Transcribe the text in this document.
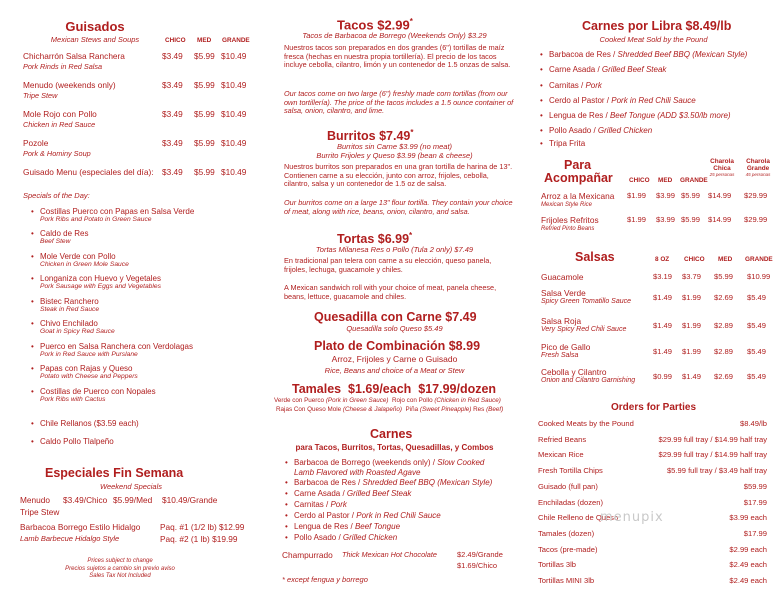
Guisados
Mexican Stews and Soups	CHICO MED GRANDE
Chicharrón Salsa Ranchera	$3.49 $5.99 $10.49
Pork Rinds in Red Salsa
Menudo (weekends only)	$3.49 $5.99 $10.49
Tripe Stew
Mole Rojo con Pollo	$3.49 $5.99 $10.49
Chicken in Red Sauce
Pozole	$3.49 $5.99 $10.49
Pork & Hominy Soup
Guisado Menu (especiales del día): $3.49 $5.99 $10.49
Specials of the Day:
• Costillas Puerco con Papas en Salsa Verde
Pork Ribs and Potato in Green Sauce
• Caldo de Res
Beef Stew
• Mole Verde con Pollo
Chicken in Green Mole Sauce
• Longaniza con Huevo y Vegetales
Pork Sausage with Eggs and Vegetables
• Bistec Ranchero
Steak in Red Sauce
• Chivo Enchilado
Goat in Spicy Red Sauce
• Puerco en Salsa Ranchera con Verdolagas
Pork in Red Sauce with Purslane
• Papas con Rajas y Queso
Potato with Cheese and Peppers
• Costillas de Puerco con Nopales
Pork Ribs with Cactus
• Chile Rellanos ($3.59 each)
• Caldo Pollo Tlalpeño
Especiales Fin Semana
Weekend Specials
Menudo $3.49/Chico $5.99/Med $10.49/Grande
Tripe Stew
Barbacoa Borrego Estilo Hidalgo Paq. #1 (1/2 lb) $12.99
Lamb Barbecue Hidalgo Style	Paq. #2 (1 lb) $19.99
Prices subject to change
Precios sujetos a cambio sin previo aviso
Sales Tax Not Included
Tacos $2.99*
Tacos de Barbacoa de Borrego (Weekends Only) $3.29
Nuestros tacos son preparados en dos grandes (6") tortillas de maíz fresca (hechas en nuestra propia tortillería). El precio de los tacos incluye cebolla, cilantro, limón y un contenedor de 1.5 onzas de salsa.
Our tacos come on two large (6") freshly made corn tortillas (from our own tortillería). The price of the tacos includes a 1.5 ounce container of salsa, onion, cilantro, and lime.
Burritos $7.49*
Burritos sin Carne $3.99 (no meat)
Burrito Frijoles y Queso $3.99 (bean & cheese)
Nuestros burritos son preparados en una gran tortilla de harina de 13". Contienen carne a su elección, junto con arroz, frijoles, cebolla, cilantro, salsa y un contenedor de 1.5 oz de salsa.
Our burritos come on a large 13" flour tortilla. They contain your choice of meat, along with rice, beans, onion, cilantro, and salsa.
Tortas $6.99*
Tortas Milanesa Res o Pollo (Tula 2 only) $7.49
En tradicional pan telera con carne a su elección, queso panela, frijoles, lechuga, guacamole y chiles.
A Mexican sandwich roll with your choice of meat, panela cheese, beans, lettuce, guacamole and chiles.
Quesadilla con Carne $7.49
Quesadilla solo Queso $5.49
Plato de Combinación $8.99
Arroz, Frijoles y Carne o Guisado
Rice, Beans and choice of a Meat or Stew
Tamales  $1.69/each  $17.99/dozen
Verde con Puerco (Pork in Green Sauce) Rojo con Pollo (Chicken in Red Sauce)
Rajas Con Queso Mole (Cheese & Jalapeño) Piña (Sweet Pineapple) Res (Beef)
Carnes
para Tacos, Burritos, Tortas, Quesadillas, y Combos
• Barbacoa de Borrego (weekends only) / Slow Cooked
Lamb Flavored with Roasted Agave
• Barbacoa de Res / Shredded Beef BBQ (Mexican Style)
• Carne Asada / Grilled Beef Steak
• Carnitas / Pork
• Cerdo al Pastor / Pork in Red Chili Sauce
• Lengua de Res / Beef Tongue
• Pollo Asado / Grilled Chicken
Champurrado Thick Mexican Hot Chocolate	$2.49/Grande
$1.69/Chico
* except fengua y borrego
Carnes por Libra $8.49/lb
Cooked Meat Sold by the Pound
• Barbacoa de Res / Shredded Beef BBQ (Mexican Style)
• Carne Asada / Grilled Beef Steak
• Carnitas / Pork
• Cerdo al Pastor / Pork in Red Chili Sauce
• Lengua de Res / Beef Tongue (ADD $3.50/lb more)
• Pollo Asado / Grilled Chicken
• Tripa Frita
Para
Acompañar	CHICO MED GRANDE
Charola
Chica
25 personas
Charola
Grande
45 personas
Arroz a la Mexicana
Mexican Style Rice
$1.99 $3.99 $5.99 $14.99 $29.99
Frijoles Refritos
Refried Pinto Beans
$1.99 $3.99 $5.99 $14.99 $29.99
Salsas	8 OZ CHICO MED GRANDE
Guacamole	$3.19 $3.79 $5.99 $10.99
Salsa Verde
Spicy Green Tomatillo Sauce	$1.49 $1.99 $2.69 $5.49
Salsa Roja
Very Spicy Red Chili Sauce	$1.49 $1.99 $2.89 $5.49
Pico de Gallo
Fresh Salsa	$1.49 $1.99 $2.89 $5.49
Cebolla y Cilantro
Onion and Cilantro Garnishing $0.99 $1.49 $2.69 $5.49
Orders for Parties
Cooked Meats by the Pound	$8.49/lb
Refried Beans	$29.99 full tray / $14.99 half tray
Mexican Rice	$29.99 full tray / $14.99 half tray
Fresh Tortilla Chips	$5.99 full tray / $3.49 half tray
Guisado (full pan)	$59.99
Enchiladas (dozen)	$17.99
Chile Relleno de Queso	$3.99 each
Tamales (dozen)	$17.99
Tacos (pre-made)	$2.99 each
Tortillas 3lb	$2.49 each
Tortillas MINI 3lb	$2.49 each
menupix
